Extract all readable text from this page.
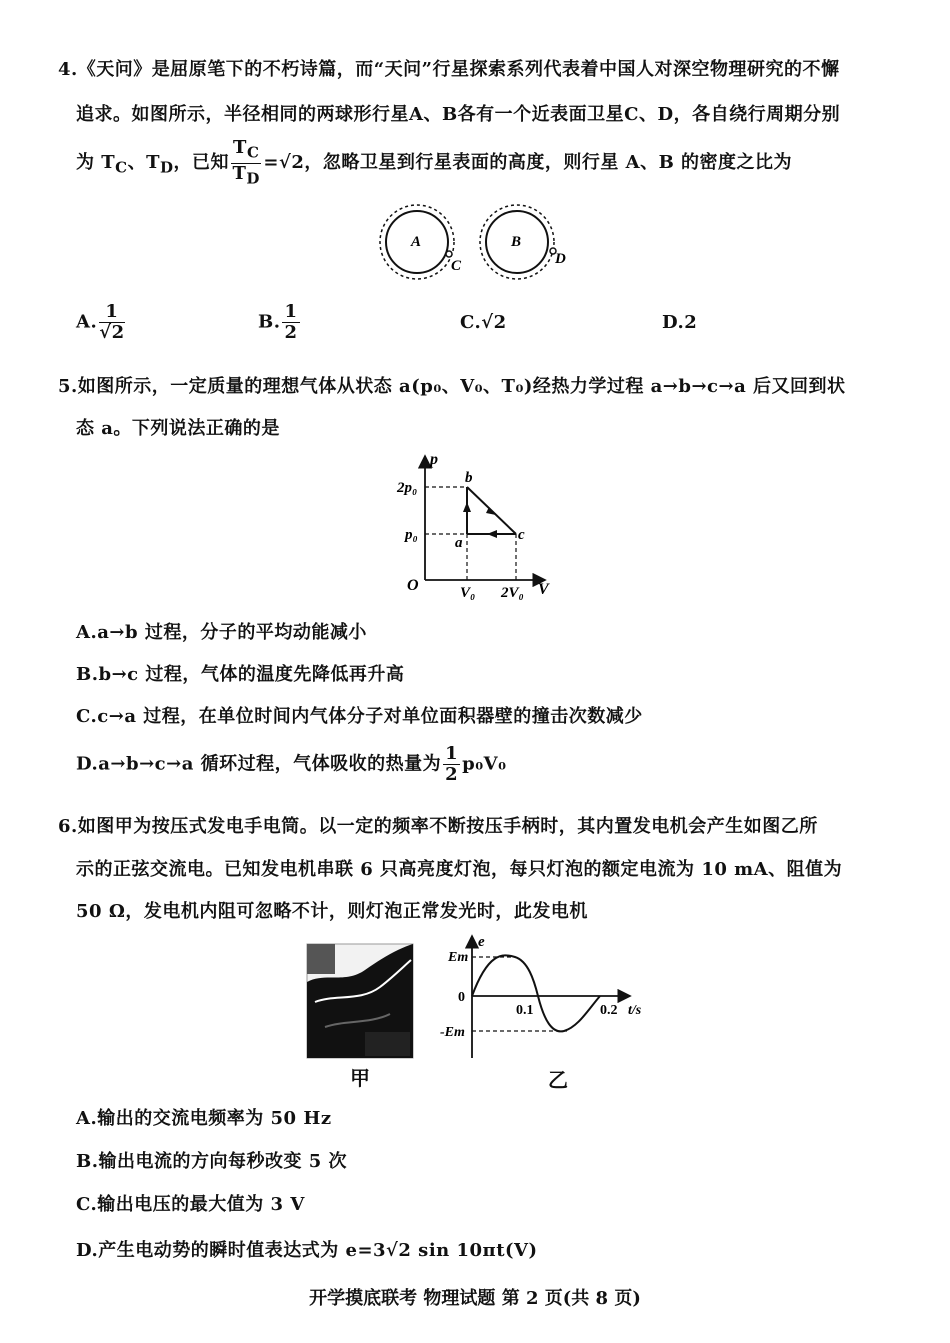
4.《天问》是屈原笔下的不朽诗篇，而“天问”行星探索系列代表着中国人对深空物理研究的不懈
追求。如图所示，半径相同的两球形行星A、B各有一个近表面卫星C、D，各自绕行周期分别
为 $T_C$、$T_D$，已知 $\frac{T_C}{T_D} =√2$，忽略卫星到行星表面的高度，则行星 A、B 的密度之比为
A
C
B
D
A. $\frac{1}{√2}$	B. $\frac{1}{2}$	C.√2	D.2
5.如图所示，一定质量的理想气体从状态 a(p₀、V₀、T₀)经热力学过程 a→b→c→a 后又回到状
态 a。下列说法正确的是
p
V
O
2p₀
p₀
V₀ 2V₀
a
b
c
A.a→b 过程，分子的平均动能减小
B.b→c 过程，气体的温度先降低再升高
C.c→a 过程，在单位时间内气体分子对单位面积器壁的撞击次数减少
D.a→b→c→a 循环过程，气体吸收的热量为 $\frac{1}{2} p_0V_0$
6.如图甲为按压式发电手电筒。以一定的频率不断按压手柄时，其内置发电机会产生如图乙所
示的正弦交流电。已知发电机串联 6 只高亮度灯泡，每只灯泡的额定电流为 10 mA、阻值为
50 Ω，发电机内阻可忽略不计，则灯泡正常发光时，此发电机
e
Em
-Em
0
0.1	0.2 t/s
甲	乙
A.输出的交流电频率为 50 Hz
B.输出电流的方向每秒改变 5 次
C.输出电压的最大值为 3 V
D.产生电动势的瞬时值表达式为 e=3√2 sin 10πt(V)
开学摸底联考 物理试题 第 2 页(共 8 页)
